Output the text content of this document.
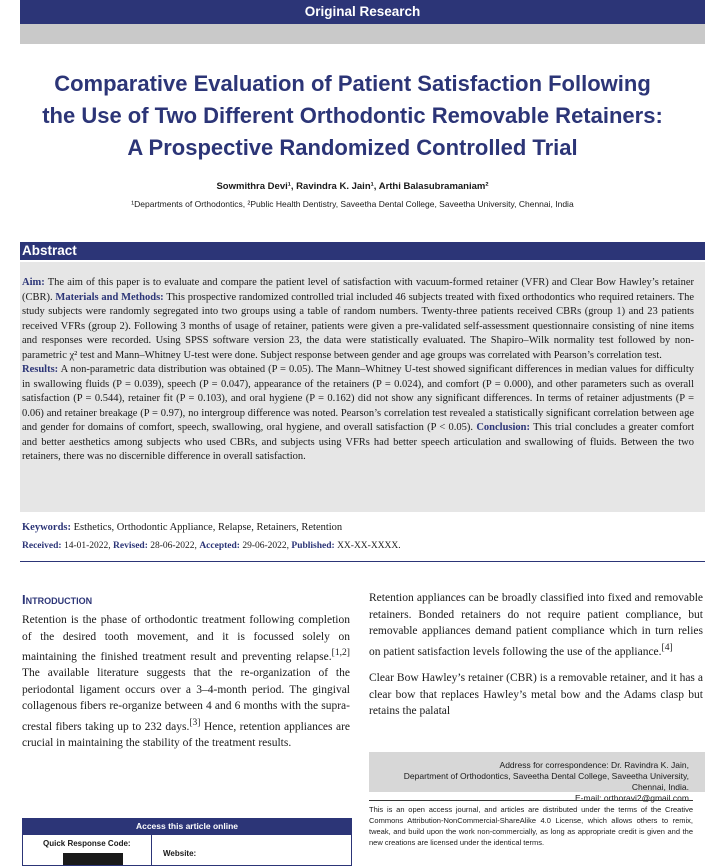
Original Research
Comparative Evaluation of Patient Satisfaction Following
the Use of Two Different Orthodontic Removable Retainers:
A Prospective Randomized Controlled Trial
Sowmithra Devi¹, Ravindra K. Jain¹, Arthi Balasubramaniam²
¹Departments of Orthodontics, ²Public Health Dentistry, Saveetha Dental College, Saveetha University, Chennai, India
Abstract

Aim: The aim of this paper is to evaluate and compare the patient level of satisfaction with vacuum-formed retainer (VFR) and Clear Bow Hawley’s retainer (CBR). Materials and Methods: This prospective randomized controlled trial included 46 subjects treated with fixed orthodontics who required retainers. The study subjects were randomly segregated into two groups using a table of random numbers. Twenty-three patients received CBRs (group 1) and 23 patients received VFRs (group 2). Following 3 months of usage of retainer, patients were given a pre-validated self-assessment questionnaire consisting of nine items and responses were recorded. Using SPSS software version 23, the data were statistically evaluated. The Shapiro–Wilk normality test followed by non-parametric χ² test and Mann–Whitney U-test were done. Subject response between gender and age groups was correlated with Pearson’s correlation test.
Results: A non-parametric data distribution was obtained (P = 0.05). The Mann–Whitney U-test showed significant differences in median values for difficulty in swallowing fluids (P = 0.039), speech (P = 0.047), appearance of the retainers (P = 0.024), and comfort (P = 0.000), and other parameters such as overall satisfaction (P = 0.544), retainer fit (P = 0.103), and oral hygiene (P = 0.162) did not show any significant differences. In terms of retainer adjustments (P = 0.06) and retainer breakage (P = 0.97), no intergroup difference was noted. Pearson’s correlation test revealed a statistically significant correlation between age and gender for domains of comfort, speech, swallowing, oral hygiene, and overall satisfaction (P < 0.05). Conclusion: This trial concludes a greater comfort and better aesthetics among subjects who used CBRs, and subjects using VFRs had better speech articulation and swallowing of fluids. Between the two retainers, there was no discernible difference in overall satisfaction.

Keywords: Esthetics, Orthodontic Appliance, Relapse, Retainers, Retention
Received: 14-01-2022, Revised: 28-06-2022, Accepted: 29-06-2022, Published: XX-XX-XXXX.
Introduction

Retention is the phase of orthodontic treatment following completion of the desired tooth movement, and it is focussed solely on maintaining the finished treatment result and preventing relapse.[1,2] The available literature suggests that the re-organization of the periodontal ligament occurs over a 3–4-month period. The gingival collagenous fibers re-organize between 4 and 6 months with the supra-crestal fibers taking up to 232 days.[3] Hence, retention appliances are crucial in maintaining the stability of the treatment results.

Retention appliances can be broadly classified into fixed and removable retainers. Bonded retainers do not require patient compliance, but removable appliances demand patient compliance which in turn relies on patient satisfaction levels following the use of the appliance.[4]

Clear Bow Hawley’s retainer (CBR) is a removable retainer, and it has a clear bow that replaces Hawley’s metal bow and the Adams clasp but retains the palatal

Address for correspondence: Dr. Ravindra K. Jain,
Department of Orthodontics, Saveetha Dental College, Saveetha University,
Chennai, India.
E-mail: orthoravi2@gmail.com
This is an open access journal, and articles are distributed under the terms of the Creative Commons Attribution-NonCommercial-ShareAlike 4.0 License, which allows others to remix, tweak, and build upon the work non-commercially, as long as appropriate credit is given and the new creations are licensed under the identical terms.
Access this article online
Quick Response Code:
Website:
